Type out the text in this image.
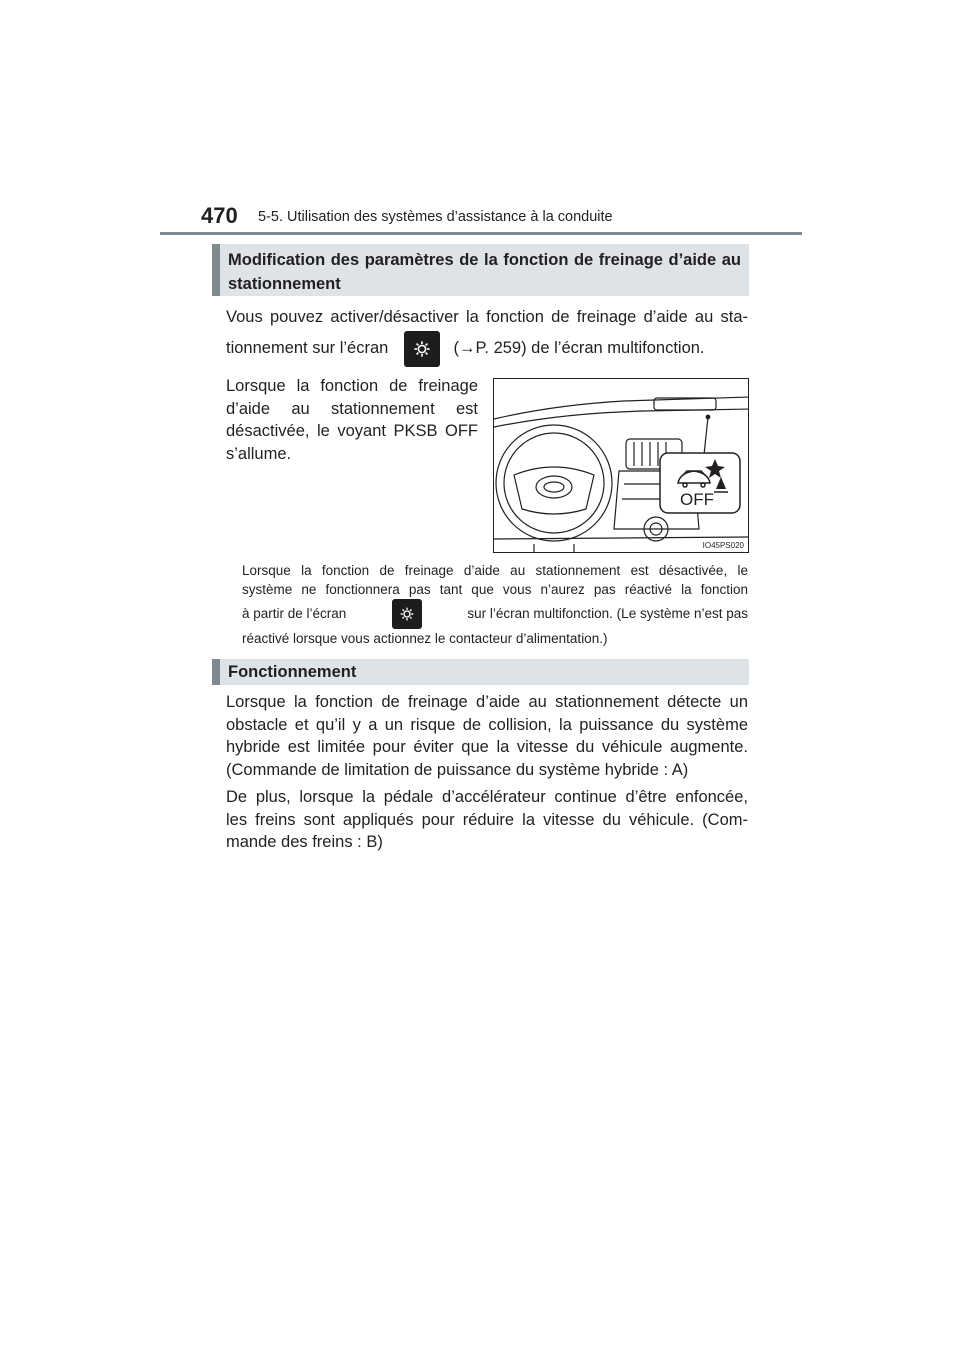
470 5-5. Utilisation des systèmes d’assistance à la conduite
Modification des paramètres de la fonction de freinage d’aide au stationnement
Vous pouvez activer/désactiver la fonction de freinage d’aide au sta-
tionnement sur l’écran	(→P. 259) de l’écran multifonction.
Lorsque la fonction de freinage
d’aide au stationnement est
désactivée, le voyant PKSB OFF
s’allume.
OFF
IO45PS020
Lorsque la fonction de freinage d’aide au stationnement est désactivée, le
système ne fonctionnera pas tant que vous n’aurez pas réactivé la fonction
à partir de l’écran	sur l’écran multifonction. (Le système n’est pas
réactivé lorsque vous actionnez le contacteur d’alimentation.)
Fonctionnement
Lorsque la fonction de freinage d’aide au stationnement détecte un
obstacle et qu’il y a un risque de collision, la puissance du système
hybride est limitée pour éviter que la vitesse du véhicule augmente.
(Commande de limitation de puissance du système hybride : A)
De plus, lorsque la pédale d’accélérateur continue d’être enfoncée,
les freins sont appliqués pour réduire la vitesse du véhicule. (Com-
mande des freins : B)
